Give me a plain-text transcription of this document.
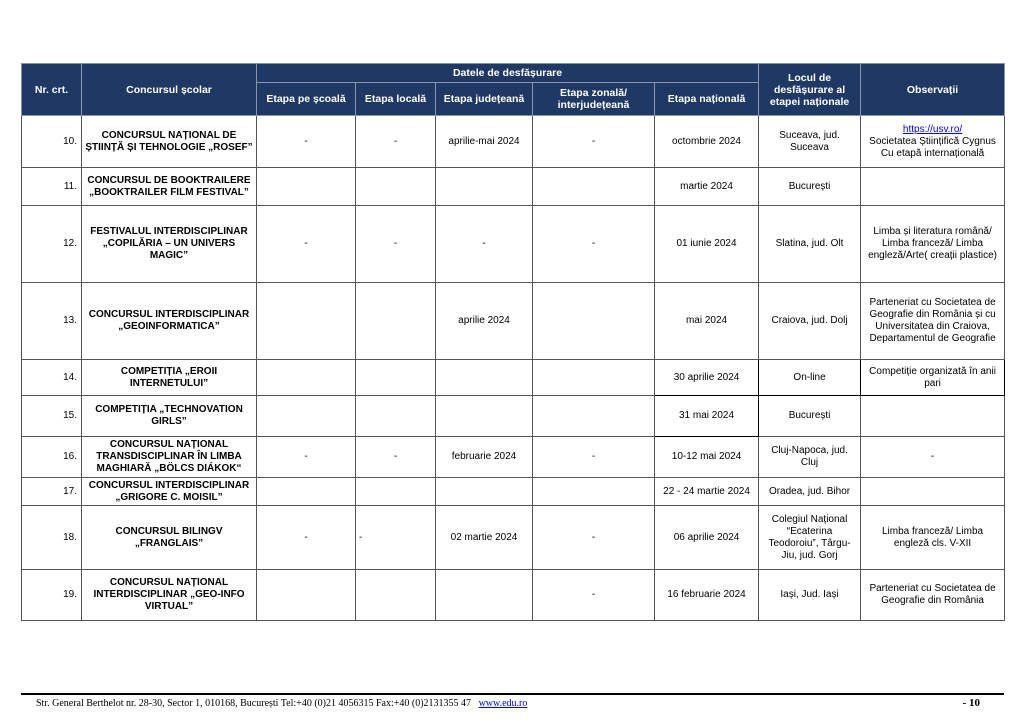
Nr. crt.	Concursul școlar	Datele de desfășurare					Locul de desfășurare al etapei naționale	Observații
		Etapa pe școală	Etapa locală	Etapa județeană	Etapa zonală/ interjudețeană	Etapa națională		
10.	CONCURSUL NAȚIONAL DE ȘTIINȚĂ ȘI TEHNOLOGIE „ROSEF”	-	-	aprilie-mai 2024	-	octombrie 2024	Suceava, jud. Suceava	https://usv.ro/
Societatea Științifică Cygnus Cu etapă internațională
11.	CONCURSUL DE BOOKTRAILERE „BOOKTRAILER FILM FESTIVAL”					martie 2024	București	
12.	FESTIVALUL INTERDISCIPLINAR „COPILĂRIA – UN UNIVERS MAGIC”	-	-	-	-	01 iunie 2024	Slatina, jud. Olt	Limba și literatura română/ Limba franceză/ Limba engleză/Arte( creații plastice)
13.	CONCURSUL INTERDISCIPLINAR „GEOINFORMATICA”			aprilie 2024		mai 2024	Craiova, jud. Dolj	Parteneriat cu Societatea de Geografie din România și cu Universitatea din Craiova, Departamentul de Geografie
14.	COMPETIȚIA „EROII INTERNETULUI”					30 aprilie 2024	On-line	Competiție organizată în anii pari
15.	COMPETIȚIA „TECHNOVATION GIRLS”					31 mai 2024	București	
16.	CONCURSUL NAȚIONAL TRANSDISCIPLINAR ÎN LIMBA MAGHIARĂ „BÖLCS DIÁKOK“	-	-	februarie 2024	-	10-12 mai 2024	Cluj-Napoca, jud. Cluj	-
17.	CONCURSUL INTERDISCIPLINAR „GRIGORE C. MOISIL”					22 - 24 martie 2024	Oradea, jud. Bihor	
18.	CONCURSUL BILINGV „FRANGLAIS”	-	-	02 martie 2024	-	06 aprilie 2024	Colegiul Național “Ecaterina Teodoroiu”, Târgu-Jiu, jud. Gorj	Limba franceză/ Limba engleză cls. V-XII
19.	CONCURSUL NAȚIONAL INTERDISCIPLINAR „GEO-INFO VIRTUAL”				-	16 februarie 2024	Iași, Jud. Iași	Parteneriat cu Societatea de Geografie din România
Str. General Berthelot nr. 28-30, Sector 1, 010168, București Tel:+40 (0)21 4056315 Fax:+40 (0)2131355 47 www.edu.ro	- 10
